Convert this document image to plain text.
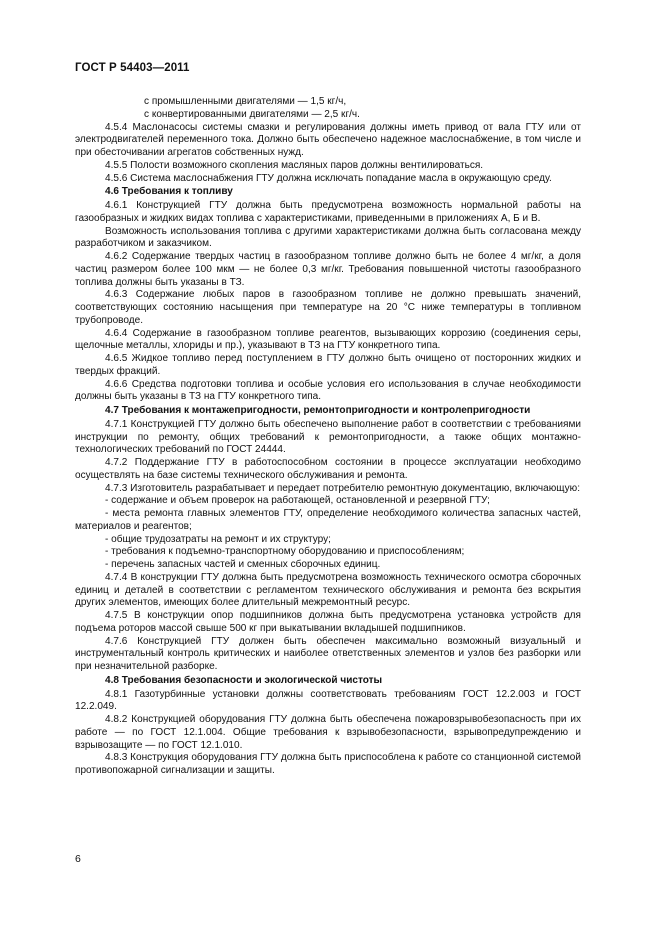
ГОСТ Р 54403—2011

с промышленными двигателями — 1,5 кг/ч,

с конвертированными двигателями — 2,5 кг/ч.

4.5.4 Маслонасосы системы смазки и регулирования должны иметь привод от вала ГТУ или от электродвигателей переменного тока. Должно быть обеспечено надежное маслоснабжение, в том числе и при обесточивании агрегатов собственных нужд.

4.5.5 Полости возможного скопления масляных паров должны вентилироваться.

4.5.6 Система маслоснабжения ГТУ должна исключать попадание масла в окружающую среду.

4.6 Требования к топливу

4.6.1 Конструкцией ГТУ должна быть предусмотрена возможность нормальной работы на газообразных и жидких видах топлива с характеристиками, приведенными в приложениях А, Б и В.

Возможность использования топлива с другими характеристиками должна быть согласована между разработчиком и заказчиком.

4.6.2 Содержание твердых частиц в газообразном топливе должно быть не более 4 мг/кг, а доля частиц размером более 100 мкм — не более 0,3 мг/кг. Требования повышенной чистоты газообразного топлива должны быть указаны в ТЗ.

4.6.3 Содержание любых паров в газообразном топливе не должно превышать значений, соответствующих состоянию насыщения при температуре на 20 °С ниже температуры в топливном трубопроводе.

4.6.4 Содержание в газообразном топливе реагентов, вызывающих коррозию (соединения серы, щелочные металлы, хлориды и пр.), указывают в ТЗ на ГТУ конкретного типа.

4.6.5 Жидкое топливо перед поступлением в ГТУ должно быть очищено от посторонних жидких и твердых фракций.

4.6.6 Средства подготовки топлива и особые условия его использования в случае необходимости должны быть указаны в ТЗ на ГТУ конкретного типа.

4.7 Требования к монтажепригодности, ремонтопригодности и контролепригодности

4.7.1 Конструкцией ГТУ должно быть обеспечено выполнение работ в соответствии с требованиями инструкции по ремонту, общих требований к ремонтопригодности, а также общих монтажно-технологических требований по ГОСТ 24444.

4.7.2 Поддержание ГТУ в работоспособном состоянии в процессе эксплуатации необходимо осуществлять на базе системы технического обслуживания и ремонта.

4.7.3 Изготовитель разрабатывает и передает потребителю ремонтную документацию, включающую:

- содержание и объем проверок на работающей, остановленной и резервной ГТУ;

- места ремонта главных элементов ГТУ, определение необходимого количества запасных частей, материалов и реагентов;

- общие трудозатраты на ремонт и их структуру;

- требования к подъемно-транспортному оборудованию и приспособлениям;

- перечень запасных частей и сменных сборочных единиц.

4.7.4 В конструкции ГТУ должна быть предусмотрена возможность технического осмотра сборочных единиц и деталей в соответствии с регламентом технического обслуживания и ремонта без вскрытия других элементов, имеющих более длительный межремонтный ресурс.

4.7.5 В конструкции опор подшипников должна быть предусмотрена установка устройств для подъема роторов массой свыше 500 кг при выкатывании вкладышей подшипников.

4.7.6 Конструкцией ГТУ должен быть обеспечен максимально возможный визуальный и инструментальный контроль критических и наиболее ответственных элементов и узлов без разборки или при незначительной разборке.

4.8 Требования безопасности и экологической чистоты

4.8.1 Газотурбинные установки должны соответствовать требованиям ГОСТ 12.2.003 и ГОСТ 12.2.049.

4.8.2 Конструкцией оборудования ГТУ должна быть обеспечена пожаровзрывобезопасность при их работе — по ГОСТ 12.1.004. Общие требования к взрывобезопасности, взрывопредупреждению и взрывозащите — по ГОСТ 12.1.010.

4.8.3 Конструкция оборудования ГТУ должна быть приспособлена к работе со станционной системой противопожарной сигнализации и защиты.

6
